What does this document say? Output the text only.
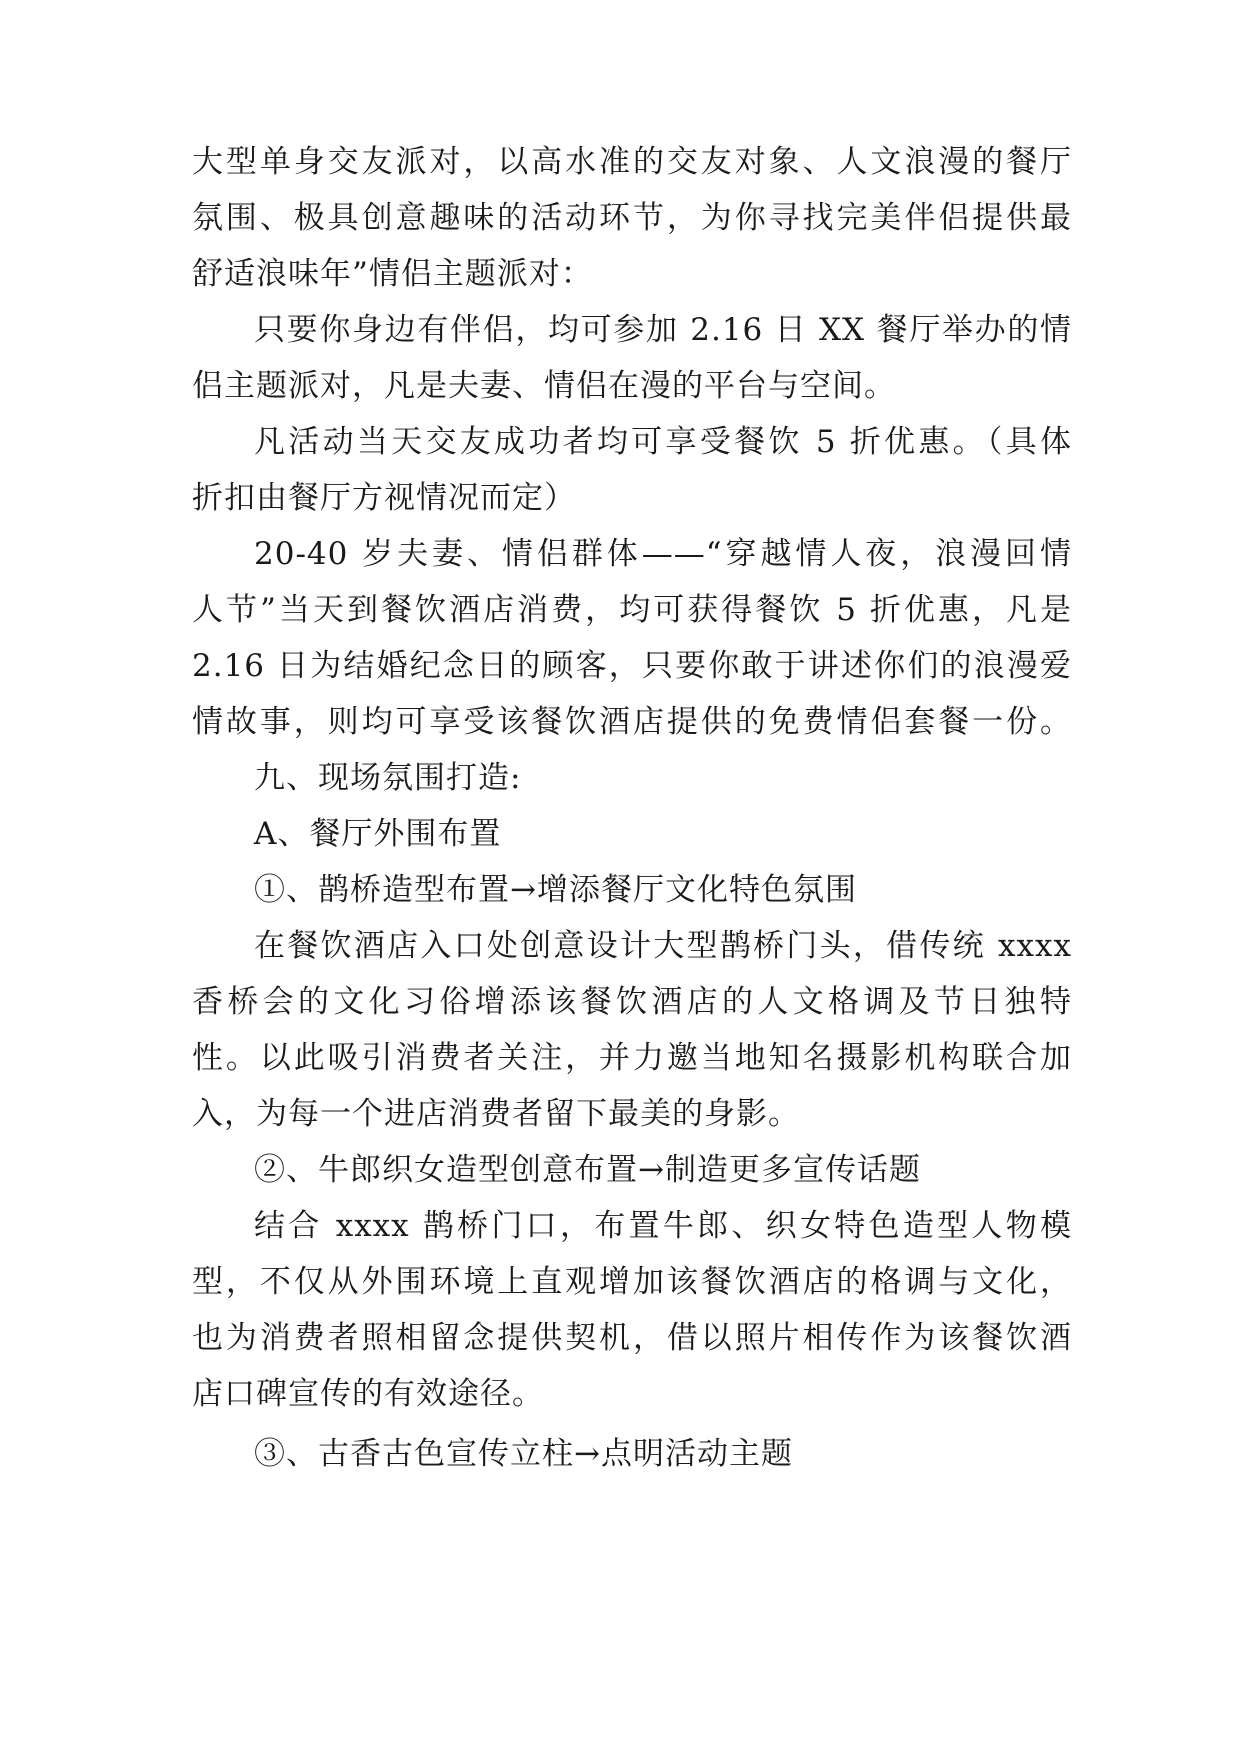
大型单身交友派对，以高水准的交友对象、人文浪漫的餐厅
氛围、极具创意趣味的活动环节，为你寻找完美伴侣提供最
舒适浪味年”情侣主题派对：
只要你身边有伴侣，均可参加 2.16 日 XX 餐厅举办的情
侣主题派对，凡是夫妻、情侣在漫的平台与空间。
凡活动当天交友成功者均可享受餐饮 5 折优惠。（具体
折扣由餐厅方视情况而定）
20-40 岁夫妻、情侣群体——“穿越情人夜，浪漫回情
人节”当天到餐饮酒店消费，均可获得餐饮 5 折优惠，凡是
2.16 日为结婚纪念日的顾客，只要你敢于讲述你们的浪漫爱
情故事，则均可享受该餐饮酒店提供的免费情侣套餐一份。
九、现场氛围打造:
A、餐厅外围布置
①、鹊桥造型布置→增添餐厅文化特色氛围
在餐饮酒店入口处创意设计大型鹊桥门头，借传统 xxxx
香桥会的文化习俗增添该餐饮酒店的人文格调及节日独特
性。以此吸引消费者关注，并力邀当地知名摄影机构联合加
入，为每一个进店消费者留下最美的身影。
②、牛郎织女造型创意布置→制造更多宣传话题
结合 xxxx 鹊桥门口，布置牛郎、织女特色造型人物模
型，不仅从外围环境上直观增加该餐饮酒店的格调与文化，
也为消费者照相留念提供契机，借以照片相传作为该餐饮酒
店口碑宣传的有效途径。
③、古香古色宣传立柱→点明活动主题
